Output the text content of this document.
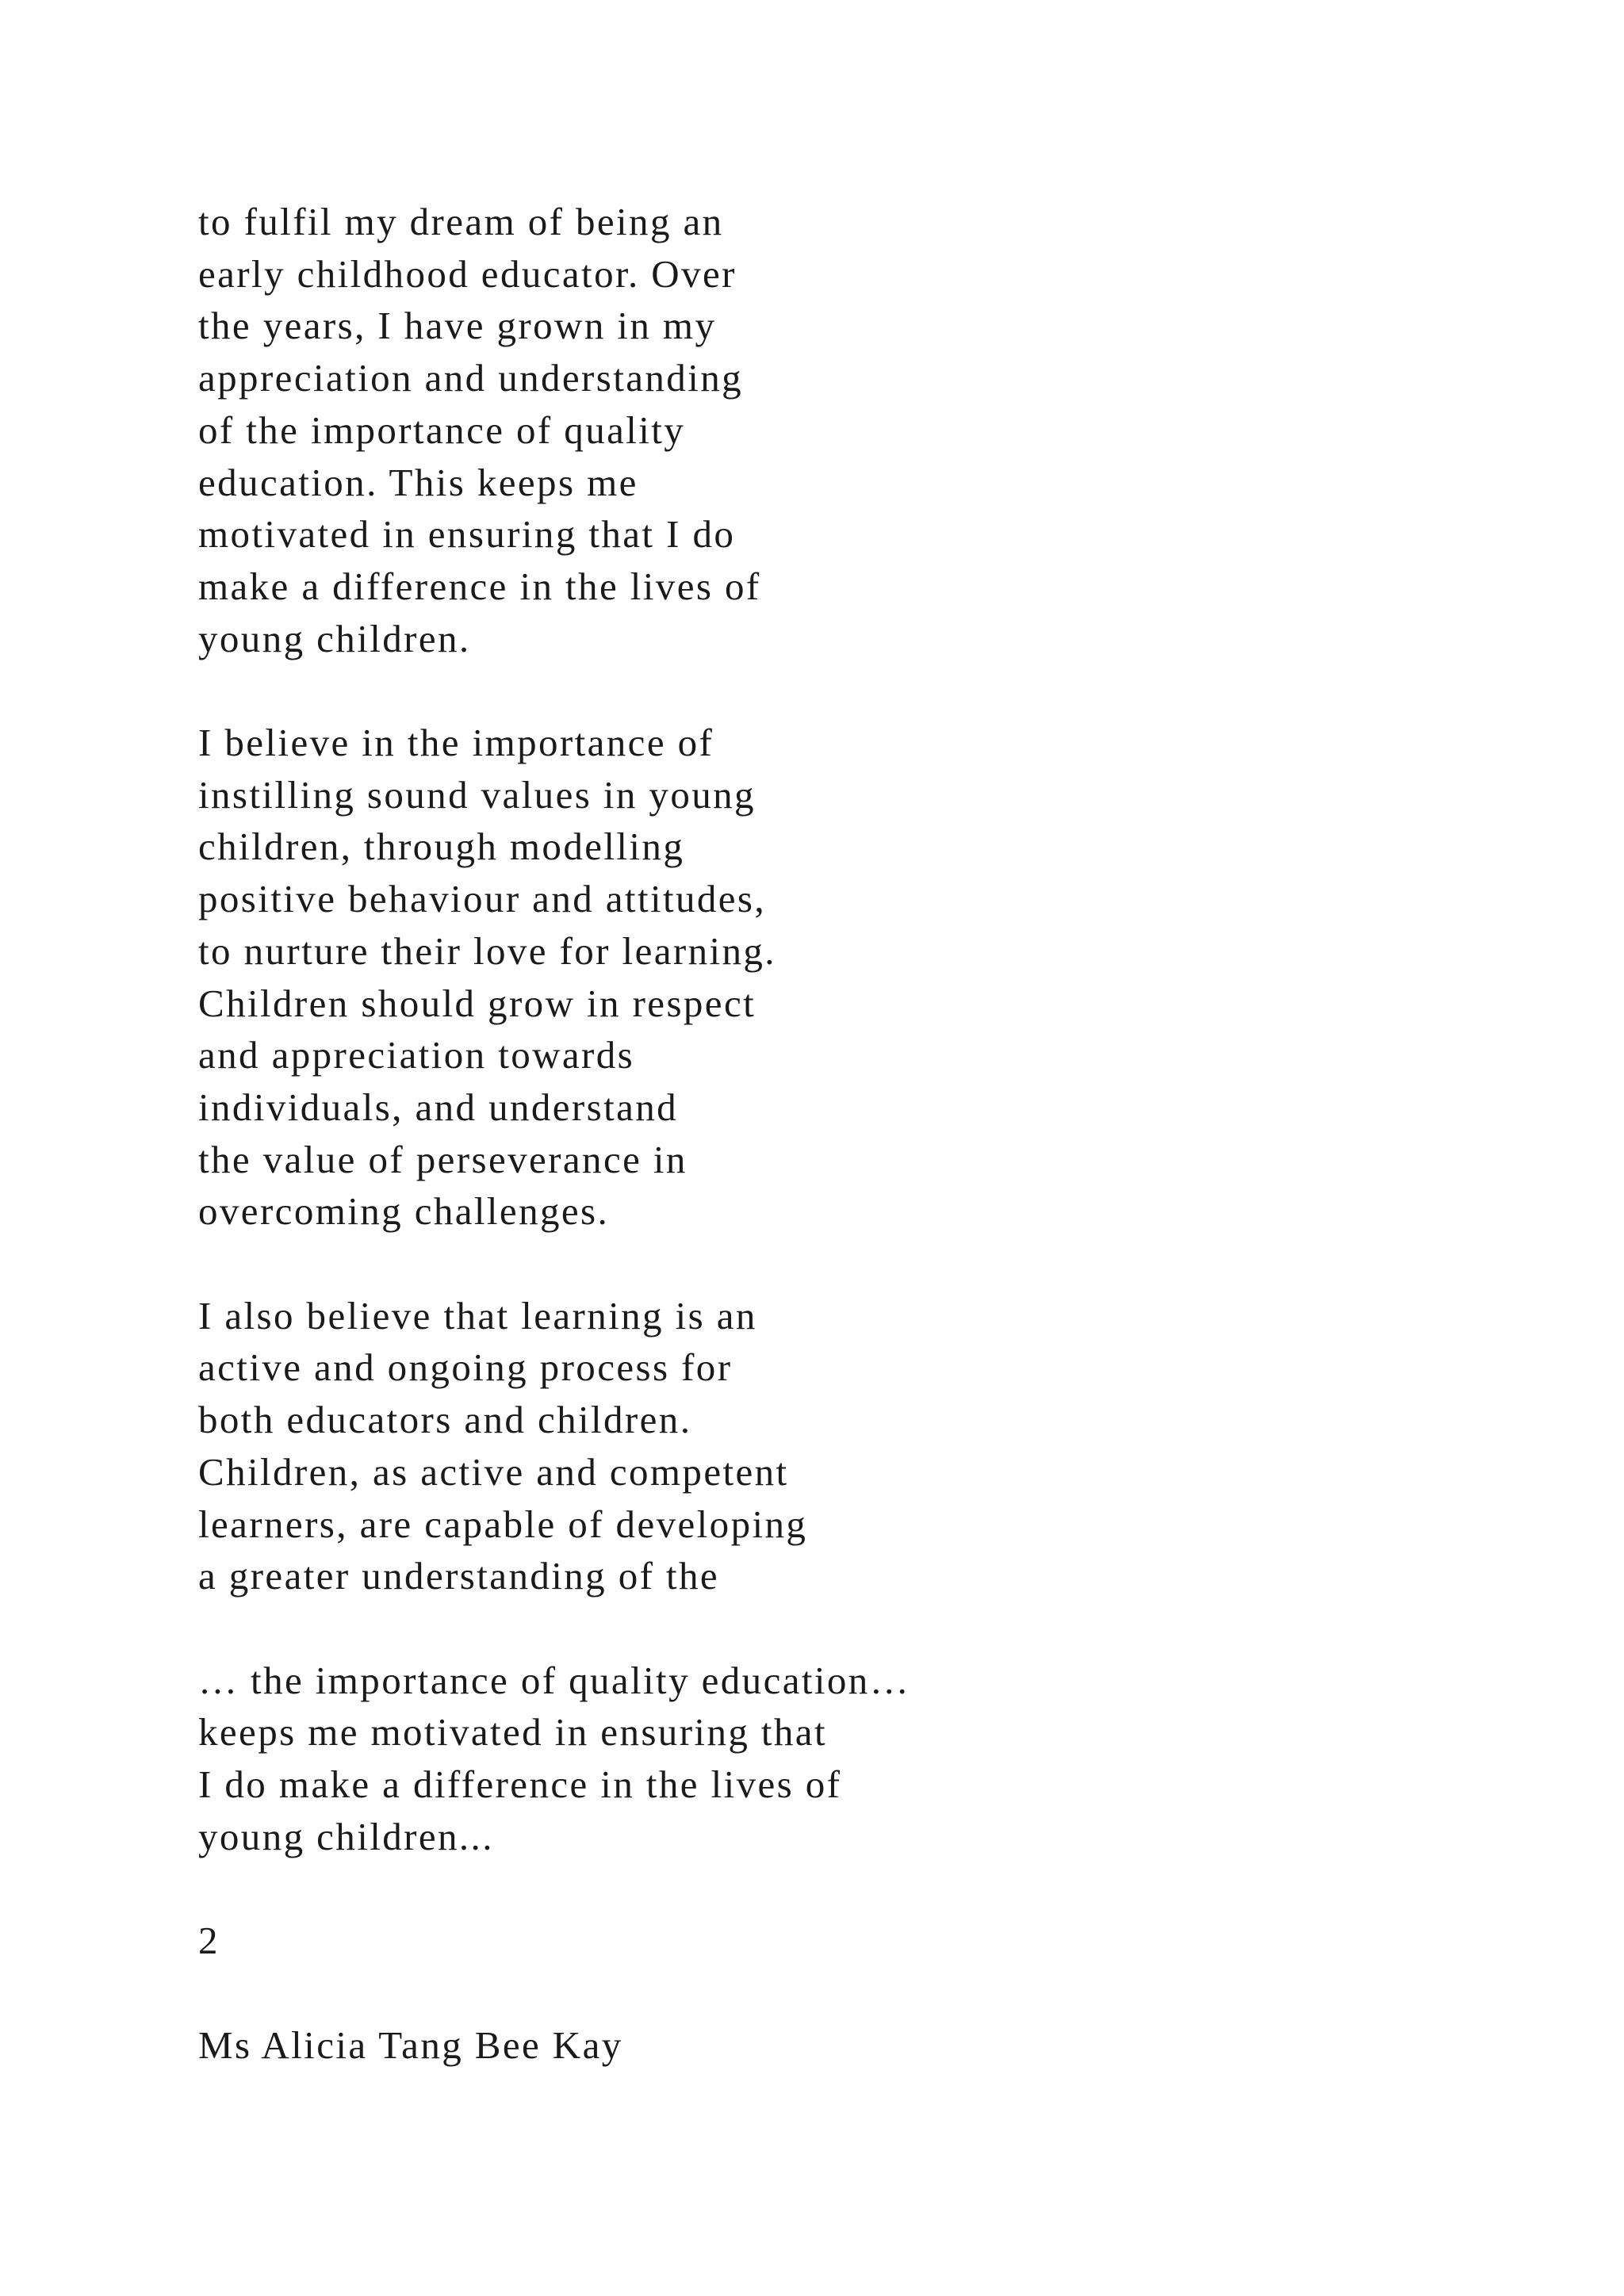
to fulfil my dream of being an
early childhood educator. Over
the years, I have grown in my
appreciation and understanding
of the importance of quality
education. This keeps me
motivated in ensuring that I do
make a difference in the lives of
young children.
I believe in the importance of
instilling sound values in young
children, through modelling
positive behaviour and attitudes,
to nurture their love for learning.
Children should grow in respect
and appreciation towards
individuals, and understand
the value of perseverance in
overcoming challenges.
I also believe that learning is an
active and ongoing process for
both educators and children.
Children, as active and competent
learners, are capable of developing
a greater understanding of the
… the importance of quality education…
keeps me motivated in ensuring that
I do make a difference in the lives of
young children...
2
Ms Alicia Tang Bee Kay
